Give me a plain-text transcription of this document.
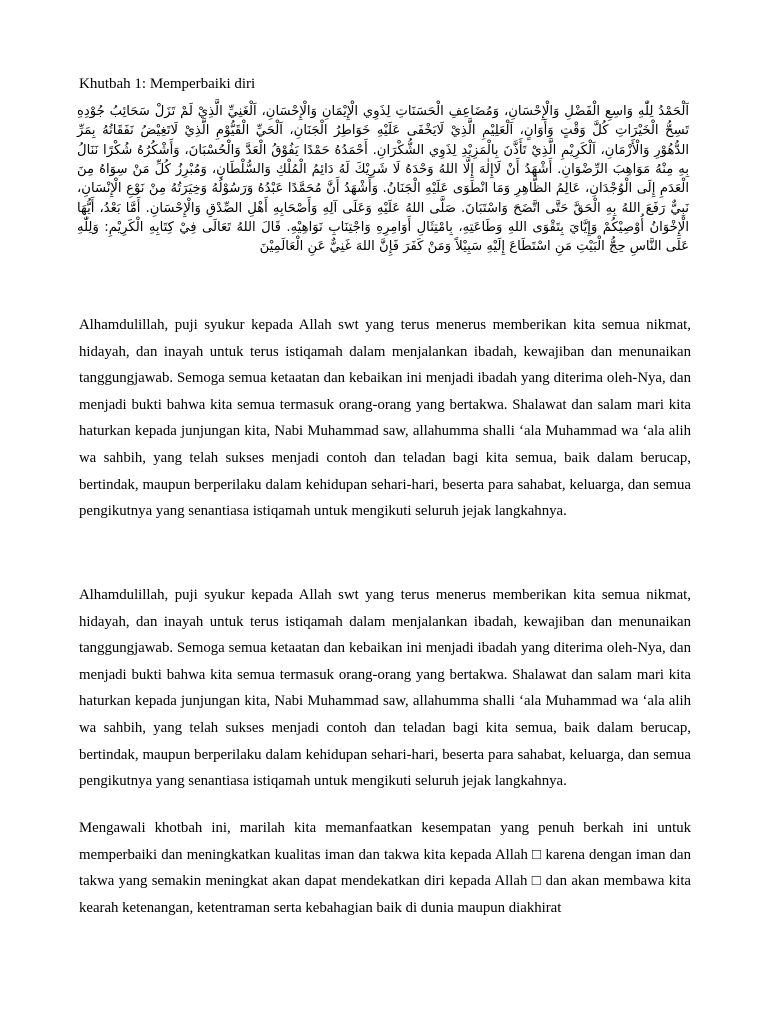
Khutbah 1: Memperbaiki diri

اَلْحَمْدُ لِلّٰهِ وَاسِعِ الْفَضْلِ وَالْإِحْسَانِ، وَمُضَاعِفِ الْحَسَنَاتِ لِذَوِي الْإِيْمَانِ وَالْإِحْسَانِ، اَلْغَنِيِّ الَّذِيْ لَمْ تَزَلْ سَحَائِبُ جُوْدِهِ تَسِحُّ الْخَيْرَاتِ كُلَّ وَقْتٍ وَأَوَانٍ، اَلْعَلِيْمِ الَّذِيْ لَايَخْفَى عَلَيْهِ خَوَاطِرُ الْجَنَانِ، اَلْحَيِّ الْقَيُّوْمِ الَّذِيْ لَاتَغِيْضُ نَفَقَاتُهُ بِمَرِّ الدُّهُوْرِ وَالْأَزْمَانِ، اَلْكَرِيْمِ الَّذِيْ تَأَذَّنَ بِالْمَزِيْدِ لِذَوِي الشُّكْرَانِ. أَحْمَدُهُ حَمْدًا يَفُوْقُ الْعَدَّ وَالْحُسْبَانَ، وَأَشْكُرُهُ شُكْرًا نَنَالُ بِهِ مِنْهُ مَوَاهِبَ الرِّضْوَانِ. أَشْهَدُ أَنْ لَاإِلٰهَ إِلَّا اللهُ وَحْدَهُ لَا شَرِيْكَ لَهُ دَائِمُ الْمُلْكِ وَالسُّلْطَانِ، وَمُبْرِزُ كُلِّ مَنْ سِوَاهُ مِنَ الْعَدَمِ إِلَى الْوُجْدَانِ، عَالِمُ الظَّاهِرِ وَمَا انْطَوَى عَلَيْهِ الْجَنَانُ. وَأَشْهَدُ أَنَّ مُحَمَّدًا عَبْدُهُ وَرَسُوْلُهُ وَخِيَرَتُهُ مِنْ نَوْعِ الْإِنْسَانِ، نَبِيٌّ رَفَعَ اللهُ بِهِ الْحَقَّ حَتَّى اتَّضَحَ وَاسْتَبَانَ. صَلَّى اللهُ عَلَيْهِ وَعَلَى آلِهِ وَأَصْحَابِهِ أَهْلِ الصِّدْقِ وَالْإِحْسَانِ. أَمَّا بَعْدُ، أَيُّهَا الْإِخْوَانُ أُوْصِيْكُمْ وَإِيَّايَ بِتَقْوَى اللهِ وَطَاعَتِهِ، بِامْتِثَالِ أَوَامِرِهِ وَاجْتِنَابِ نَوَاهِيْهِ. قَالَ اللهُ تَعَالَى فِيْ كِتَابِهِ الْكَرِيْمِ: وَلِلّٰهِ عَلَى النَّاسِ حِجُّ الْبَيْتِ مَنِ اسْتَطَاعَ إِلَيْهِ سَبِيْلاً وَمَنْ كَفَرَ فَإِنَّ اللهَ غَنِيٌّ عَنِ الْعَالَمِيْنَ

Alhamdulillah, puji syukur kepada Allah swt yang terus menerus memberikan kita semua nikmat, hidayah, dan inayah untuk terus istiqamah dalam menjalankan ibadah, kewajiban dan menunaikan tanggungjawab. Semoga semua ketaatan dan kebaikan ini menjadi ibadah yang diterima oleh-Nya, dan menjadi bukti bahwa kita semua termasuk orang-orang yang bertakwa. Shalawat dan salam mari kita haturkan kepada junjungan kita, Nabi Muhammad saw, allahumma shalli ‘ala Muhammad wa ‘ala alih wa sahbih, yang telah sukses menjadi contoh dan teladan bagi kita semua, baik dalam berucap, bertindak, maupun berperilaku dalam kehidupan sehari-hari, beserta para sahabat, keluarga, dan semua pengikutnya yang senantiasa istiqamah untuk mengikuti seluruh jejak langkahnya.

Alhamdulillah, puji syukur kepada Allah swt yang terus menerus memberikan kita semua nikmat, hidayah, dan inayah untuk terus istiqamah dalam menjalankan ibadah, kewajiban dan menunaikan tanggungjawab. Semoga semua ketaatan dan kebaikan ini menjadi ibadah yang diterima oleh-Nya, dan menjadi bukti bahwa kita semua termasuk orang-orang yang bertakwa. Shalawat dan salam mari kita haturkan kepada junjungan kita, Nabi Muhammad saw, allahumma shalli ‘ala Muhammad wa ‘ala alih wa sahbih, yang telah sukses menjadi contoh dan teladan bagi kita semua, baik dalam berucap, bertindak, maupun berperilaku dalam kehidupan sehari-hari, beserta para sahabat, keluarga, dan semua pengikutnya yang senantiasa istiqamah untuk mengikuti seluruh jejak langkahnya.

Mengawali khotbah ini, marilah kita memanfaatkan kesempatan yang penuh berkah ini untuk memperbaiki dan meningkatkan kualitas iman dan takwa kita kepada Allah □ karena dengan iman dan takwa yang semakin meningkat akan dapat mendekatkan diri kepada Allah □ dan akan membawa kita kearah ketenangan, ketentraman serta kebahagian baik di dunia maupun diakhirat
